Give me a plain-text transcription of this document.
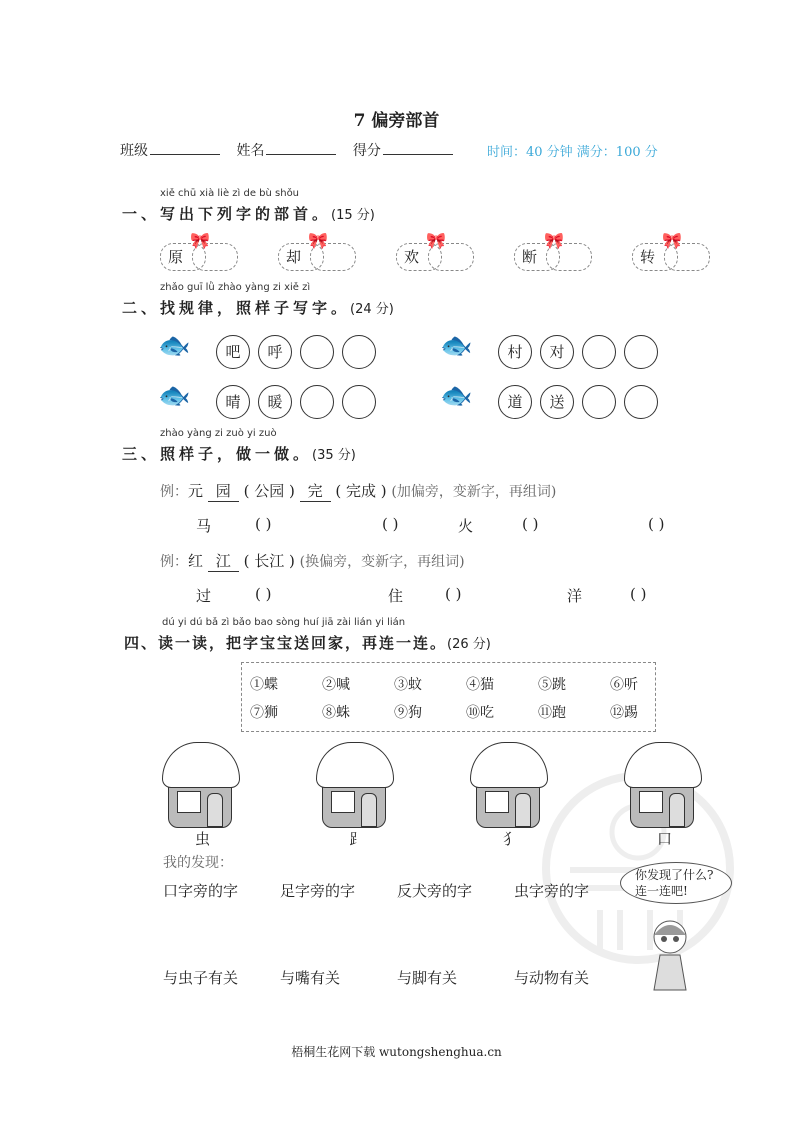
7 偏旁部首
班级	姓名	得分	时间：40 分钟 满分：100 分
xiě chū xià liè zì de bù shǒu
一、写出下列字的部首。(15 分)
zhǎo guī lǜ zhào yàng zi xiě zì
二、找规律，照样子写字。(24 分)
zhào yàng zi zuò yi zuò
三、照样子，做一做。(35 分)
例：元 园 ( 公园 ) 完 ( 完成 ) (加偏旁，变新字，再组词)
例：红 江 ( 长江 ) (换偏旁，变新字，再组词)
dú yi dú bǎ zì bǎo bao sòng huí jiā zài lián yi lián
四、读一读，把字宝宝送回家，再连一连。(26 分)
我的发现：
你发现了什么?
连一连吧!
梧桐生花网下载 wutongshenghua.cn
🎀
原
🎀
却
🎀
欢
🎀
断
🎀
转
🐟	吧	呼	🐟	村	对
🐟	晴	暖	🐟	道	送
马	( )	( )	火	( )	( )
过	( )	住	( )	洋	( )
①蝶	②喊	③蚊	④猫	⑤跳	⑥听
⑦狮	⑧蛛	⑨狗	⑩吃	⑪跑	⑫踢
虫	⻊	犭	口
口字旁的字	足字旁的字	反犬旁的字	虫字旁的字
与虫子有关	与嘴有关	与脚有关	与动物有关
